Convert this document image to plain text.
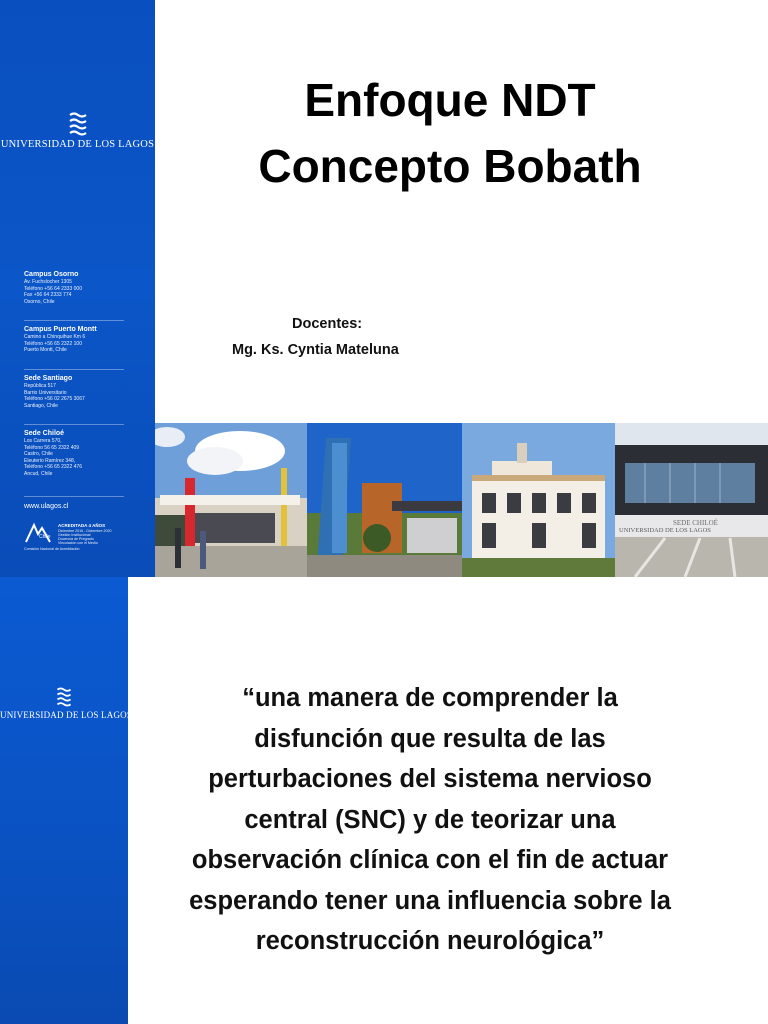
UNIVERSIDAD DE LOS LAGOS
Campus Osorno
Av. Fuchslocher 1305
Teléfono +56 64 2333 000
Fax +56 64 2333 774
Osorno, Chile
Campus Puerto Montt
Camino a Chinquihue Km 6
Teléfono +56 65 2322 100
Puerto Montt, Chile
Sede Santiago
República 517
Barrio Universitario
Teléfono +56 02 2675 3067
Santiago, Chile
Sede Chiloé
Los Carrera 570,
Teléfono 56 65 2322 409
Castro, Chile
Eleuterio Ramírez 348,
Teléfono +56 65 2322 476
Ancud, Chile
www.ulagos.cl
Chile
ACREDITADA 4 AÑOS
Diciembre 2016 - Diciembre 2020
Gestión Institucional
Docencia de Pregrado
Vinculación con el Medio
Comisión Nacional de Acreditación
Enfoque NDT
Concepto Bobath
Docentes:
Mg. Ks. Cyntia Mateluna
SEDE CHILOÉ
UNIVERSIDAD DE LOS LAGOS
UNIVERSIDAD DE LOS LAGOS
“una manera de comprender la
disfunción que resulta de las
perturbaciones del sistema nervioso
central (SNC) y de teorizar una
observación clínica con el fin de actuar
esperando tener una influencia sobre la
reconstrucción neurológica”
